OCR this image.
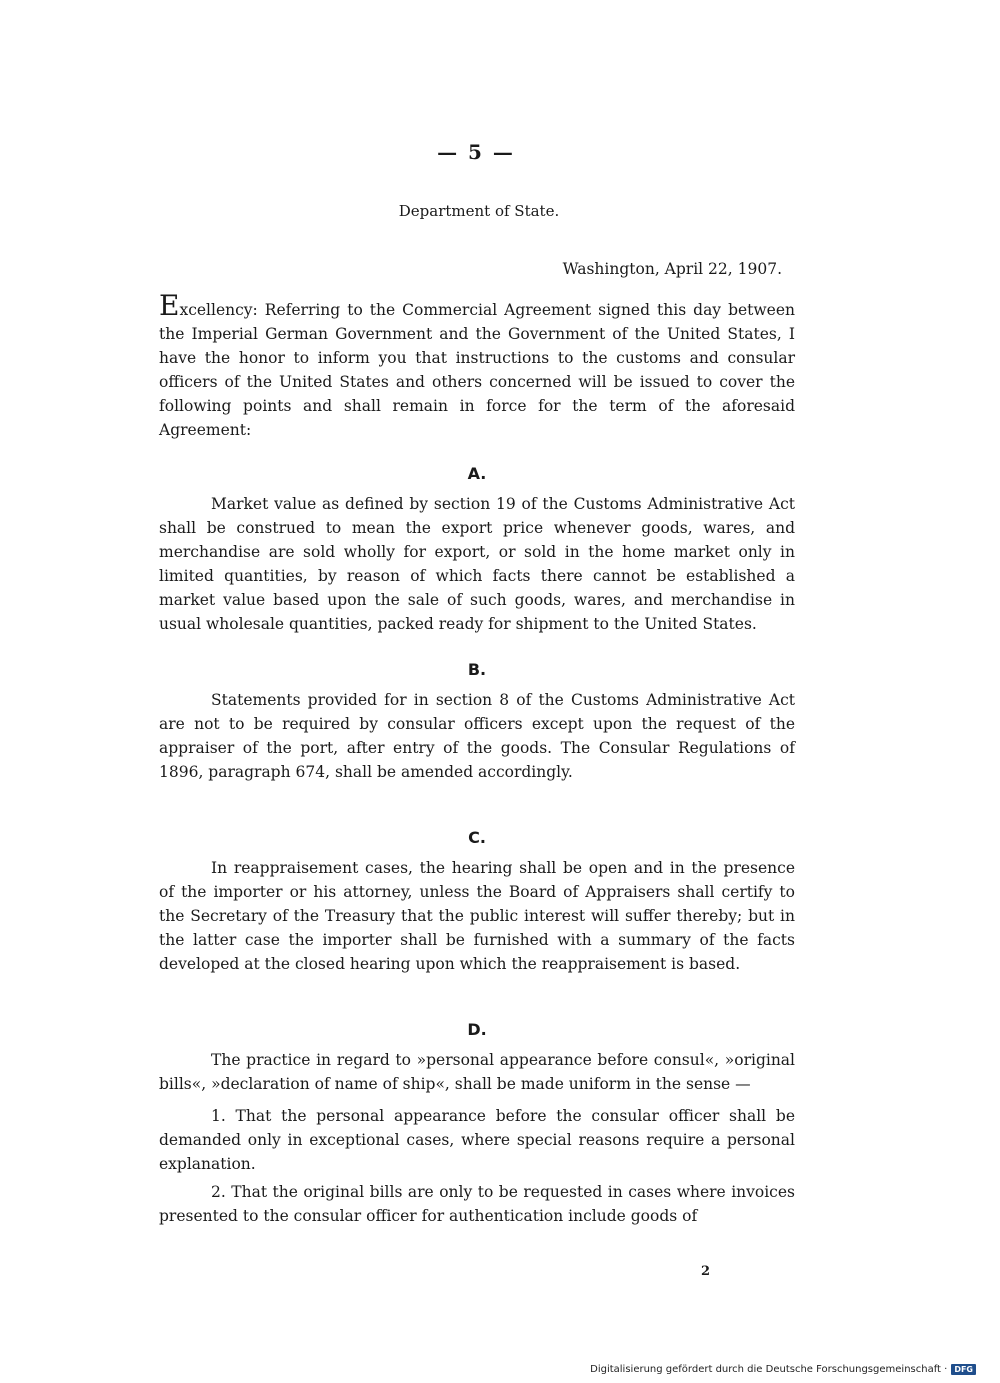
— 5 —
Department of State.
Washington, April 22, 1907.

Excellency: Referring to the Commercial Agreement signed this day between the Imperial German Government and the Government of the United States, I have the honor to inform you that instructions to the customs and consular officers of the United States and others concerned will be issued to cover the following points and shall remain in force for the term of the aforesaid Agreement:

A.

Market value as defined by section 19 of the Customs Administrative Act shall be construed to mean the export price whenever goods, wares, and merchandise are sold wholly for export, or sold in the home market only in limited quantities, by reason of which facts there cannot be established a market value based upon the sale of such goods, wares, and merchandise in usual wholesale quantities, packed ready for shipment to the United States.

B.

Statements provided for in section 8 of the Customs Administrative Act are not to be required by consular officers except upon the request of the appraiser of the port, after entry of the goods. The Consular Regulations of 1896, paragraph 674, shall be amended accordingly.

C.

In reappraisement cases, the hearing shall be open and in the presence of the importer or his attorney, unless the Board of Appraisers shall certify to the Secretary of the Treasury that the public interest will suffer thereby; but in the latter case the importer shall be furnished with a summary of the facts developed at the closed hearing upon which the reappraisement is based.

D.

The practice in regard to »personal appearance before consul«, »original bills«, »declaration of name of ship«, shall be made uniform in the sense —

1. That the personal appearance before the consular officer shall be demanded only in exceptional cases, where special reasons require a personal explanation.

2. That the original bills are only to be requested in cases where invoices presented to the consular officer for authentication include goods of

2
Digitalisierung gefördert durch die Deutsche Forschungsgemeinschaft · DFG
